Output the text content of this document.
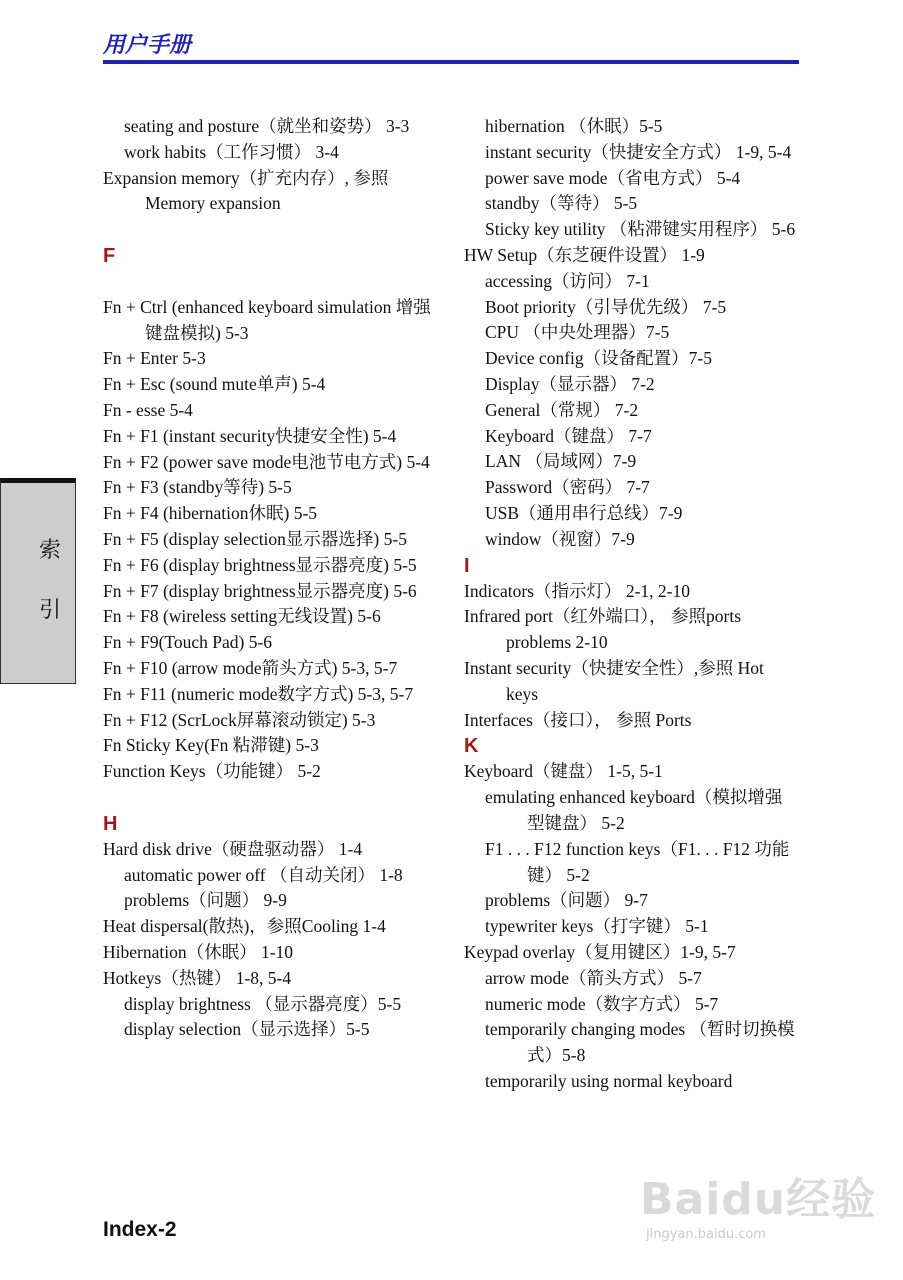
用户手册
seating and posture（就坐和姿势） 3-3
work habits（工作习惯） 3-4
Expansion memory（扩充内存）, 参照 Memory expansion
F
Fn + Ctrl (enhanced keyboard simulation 增强键盘模拟) 5-3
Fn + Enter 5-3
Fn + Esc (sound mute单声) 5-4
Fn - esse 5-4
Fn + F1 (instant security快捷安全性) 5-4
Fn + F2 (power save mode电池节电方式) 5-4
Fn + F3 (standby等待) 5-5
Fn + F4 (hibernation休眠) 5-5
Fn + F5 (display selection显示器选择) 5-5
Fn + F6 (display brightness显示器亮度) 5-5
Fn + F7 (display brightness显示器亮度) 5-6
Fn + F8 (wireless setting无线设置) 5-6
Fn + F9(Touch Pad) 5-6
Fn + F10 (arrow mode箭头方式) 5-3, 5-7
Fn + F11 (numeric mode数字方式) 5-3, 5-7
Fn + F12 (ScrLock屏幕滚动锁定) 5-3
Fn Sticky Key(Fn 粘滞键) 5-3
Function Keys（功能键） 5-2
H
Hard disk drive（硬盘驱动器） 1-4
automatic power off （自动关闭） 1-8
problems（问题） 9-9
Heat dispersal(散热)，参照Cooling 1-4
Hibernation（休眠） 1-10
Hotkeys（热键） 1-8, 5-4
display brightness （显示器亮度）5-5
display selection（显示选择）5-5
hibernation （休眠）5-5
instant security（快捷安全方式） 1-9, 5-4
power save mode（省电方式） 5-4
standby（等待） 5-5
Sticky key utility （粘滞键实用程序） 5-6
HW Setup（东芝硬件设置） 1-9
accessing（访问） 7-1
Boot priority（引导优先级） 7-5
CPU （中央处理器）7-5
Device config（设备配置）7-5
Display（显示器） 7-2
General（常规） 7-2
Keyboard（键盘） 7-7
LAN （局域网）7-9
Password（密码） 7-7
USB（通用串行总线）7-9
window（视窗）7-9
I
Indicators（指示灯） 2-1, 2-10
Infrared port（红外端口）， 参照ports problems 2-10
Instant security（快捷安全性）,参照 Hot keys
Interfaces（接口）， 参照 Ports
K
Keyboard（键盘） 1-5, 5-1
emulating enhanced keyboard（模拟增强型键盘） 5-2
F1 . . . F12 function keys（F1. . . F12 功能键） 5-2
problems（问题） 9-7
typewriter keys（打字键） 5-1
Keypad overlay（复用键区）1-9, 5-7
arrow mode（箭头方式） 5-7
numeric mode（数字方式） 5-7
temporarily changing modes （暂时切换模式）5-8
temporarily using normal keyboard
索
引
Index-2
Baidu经验
jingyan.baidu.com
